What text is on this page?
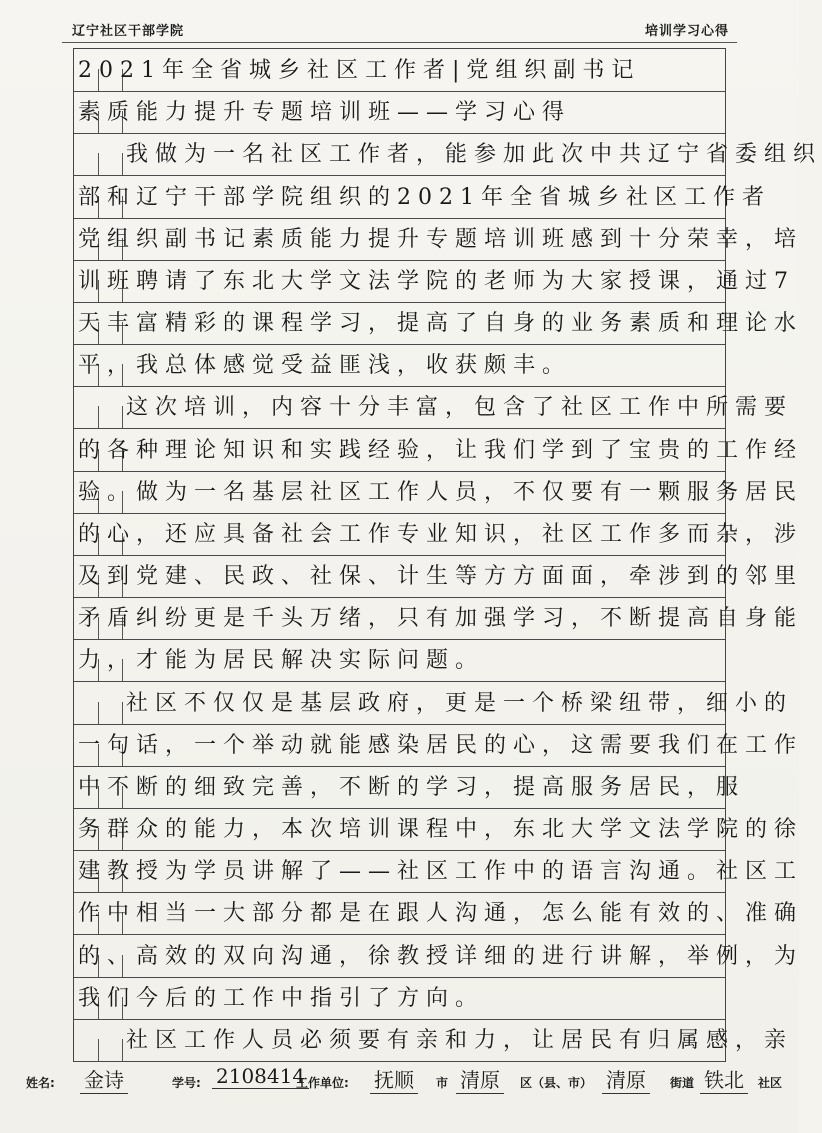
辽宁社区干部学院	培训学习心得
2021年全省城乡社区工作者|党组织副书记
素质能力提升专题培训班——学习心得
我做为一名社区工作者，能参加此次中共辽宁省委组织
部和辽宁干部学院组织的2021年全省城乡社区工作者
党组织副书记素质能力提升专题培训班感到十分荣幸，培
训班聘请了东北大学文法学院的老师为大家授课，通过7
天丰富精彩的课程学习，提高了自身的业务素质和理论水
平，我总体感觉受益匪浅，收获颇丰。
这次培训，内容十分丰富，包含了社区工作中所需要
的各种理论知识和实践经验，让我们学到了宝贵的工作经
验。做为一名基层社区工作人员，不仅要有一颗服务居民
的心，还应具备社会工作专业知识，社区工作多而杂，涉
及到党建、民政、社保、计生等方方面面，牵涉到的邻里
矛盾纠纷更是千头万绪，只有加强学习，不断提高自身能
力，才能为居民解决实际问题。
社区不仅仅是基层政府，更是一个桥梁纽带，细小的
一句话，一个举动就能感染居民的心，这需要我们在工作
中不断的细致完善，不断的学习，提高服务居民，服
务群众的能力，本次培训课程中，东北大学文法学院的徐
建教授为学员讲解了——社区工作中的语言沟通。社区工
作中相当一大部分都是在跟人沟通，怎么能有效的、准确
的、高效的双向沟通，徐教授详细的进行讲解，举例，为
我们今后的工作中指引了方向。
社区工作人员必须要有亲和力，让居民有归属感，亲
姓名: 金诗	学号: 2108414
工作单位: 抚顺	市 清原	区（县、市） 清原	街道 铁北	社区
